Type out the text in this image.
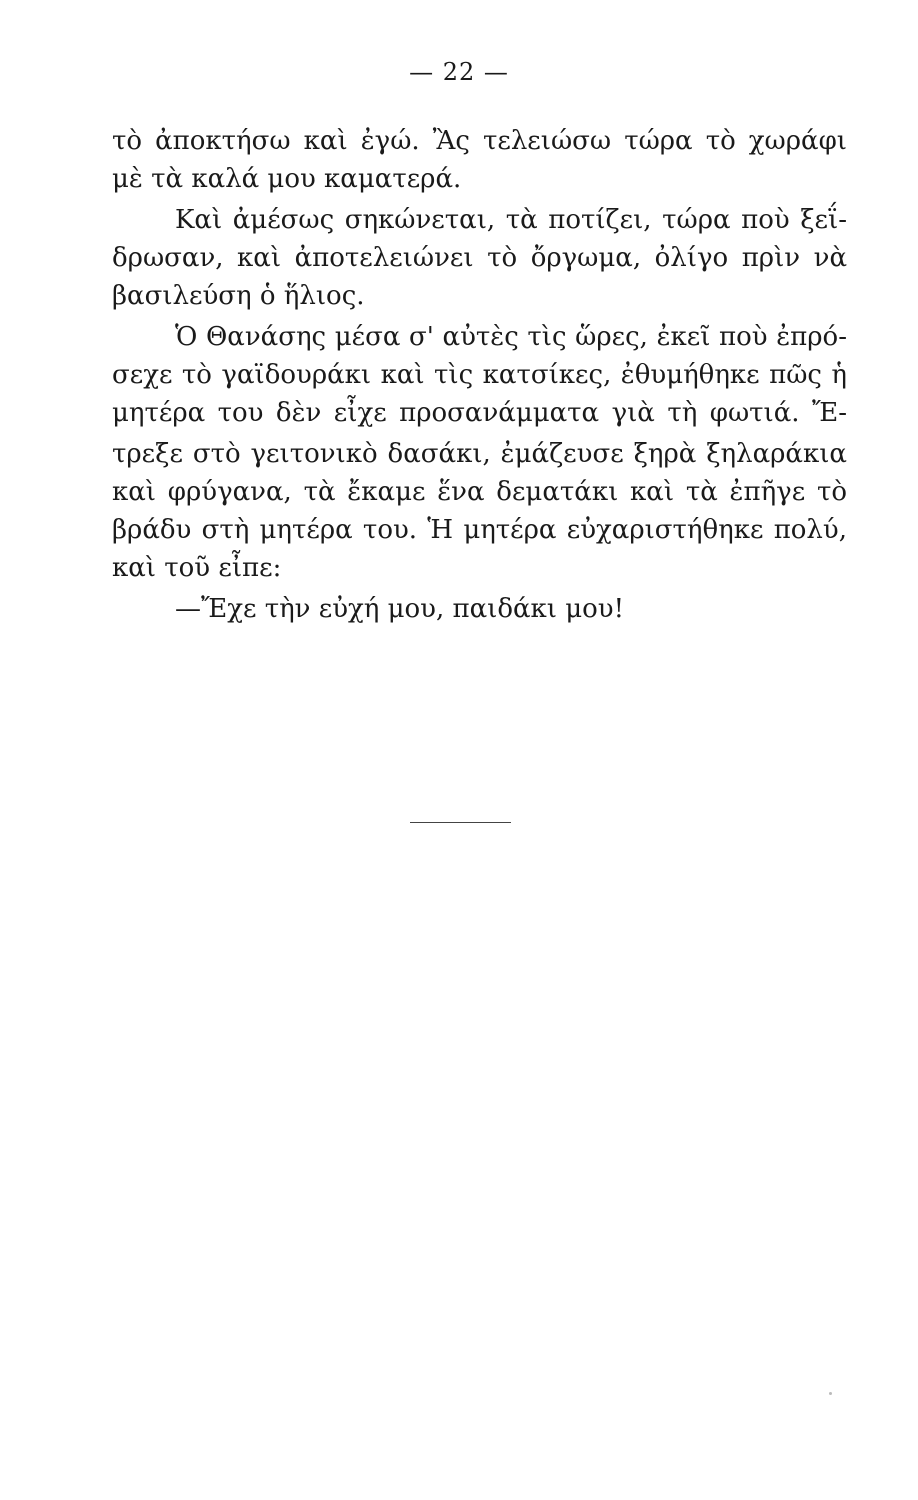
— 22 —
τὸ ἀποκτήσω καὶ ἐγώ. Ἂς τελειώσω τώρα τὸ χωράφι
μὲ τὰ καλά μου καματερά.
Καὶ ἀμέσως σηκώνεται, τὰ ποτίζει, τώρα ποὺ ξεΐ-
δρωσαν, καὶ ἀποτελειώνει τὸ ὄργωμα, ὀλίγο πρὶν νὰ
βασιλεύση ὁ ἥλιος.
Ὁ Θανάσης μέσα σ' αὐτὲς τὶς ὥρες, ἐκεῖ ποὺ ἐπρό-
σεχε τὸ γαϊδουράκι καὶ τὶς κατσίκες, ἐθυμήθηκε πῶς ἡ
μητέρα του δὲν εἶχε προσανάμματα γιὰ τὴ φωτιά. Ἔ-
τρεξε στὸ γειτονικὸ δασάκι, ἐμάζευσε ξηρὰ ξηλαράκια
καὶ φρύγανα, τὰ ἔκαμε ἕνα δεματάκι καὶ τὰ ἐπῆγε τὸ
βράδυ στὴ μητέρα του. Ἡ μητέρα εὐχαριστήθηκε πολύ,
καὶ τοῦ εἶπε:
—Ἔχε τὴν εὐχή μου, παιδάκι μου!
